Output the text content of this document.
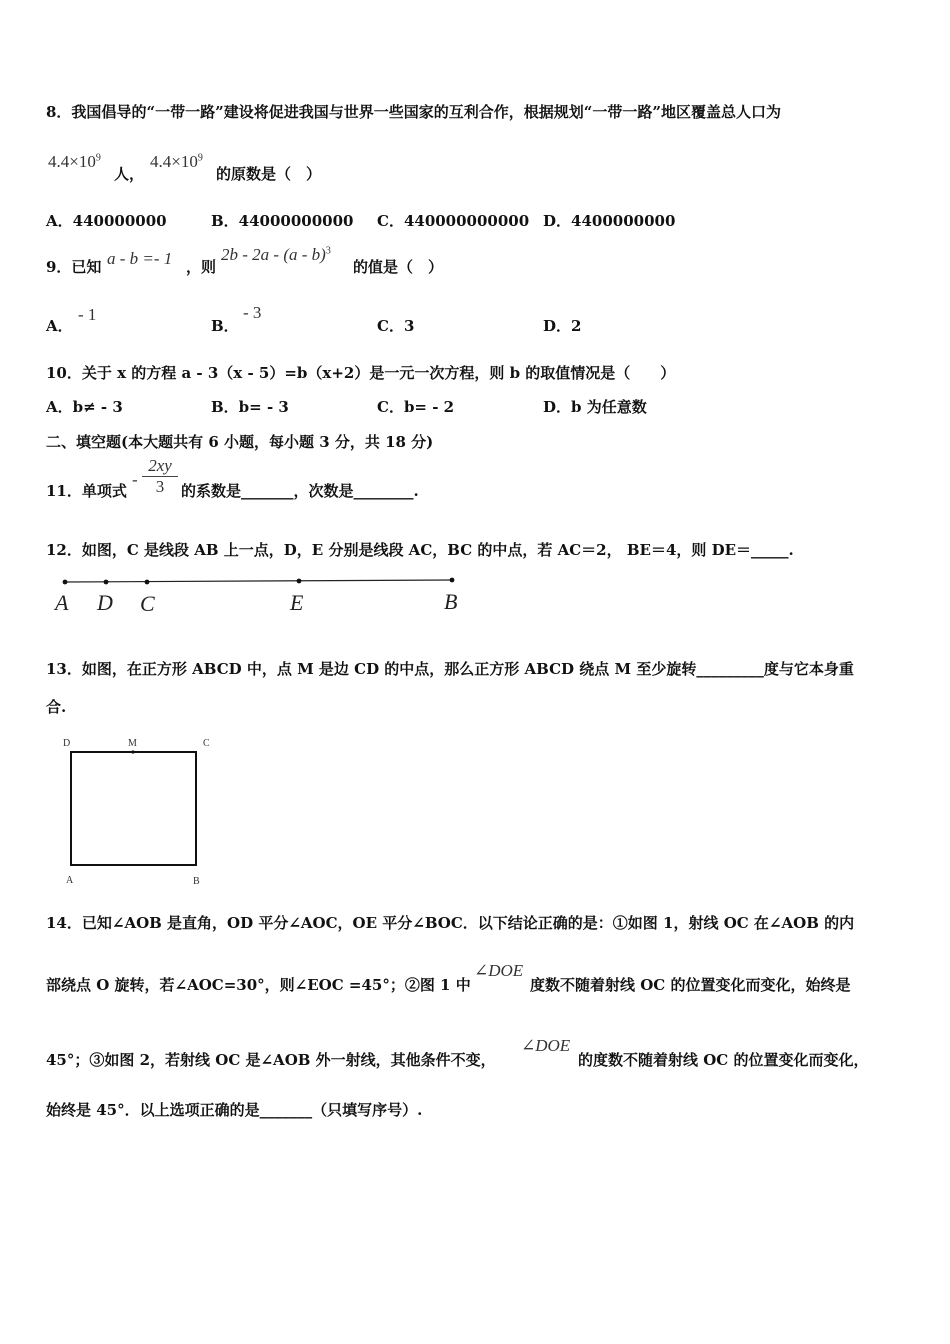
8．我国倡导的“一带一路”建设将促进我国与世界一些国家的互利合作，根据规划“一带一路”地区覆盖总人口为
$4.4\times 10^9$
人，
$4.4\times 10^9$
的原数是（　）
A．440000000	B．44000000000 C．440000000000 D．4400000000
9．已知 a - b =- 1 ，则
2b - 2a - (a - b)$^3$
的值是（　）
A．
- 1
B．
- 3
C．3	D．2
10．关于 x 的方程 a - 3（x - 5）=b（x+2）是一元一次方程，则 b 的取值情况是（　　）
A．b≠ - 3	B．b= - 3	C．b= - 2	D．b 为任意数
二、填空题(本大题共有 6 小题，每小题 3 分，共 18 分)
11．单项式
- $\frac{2xy}{3}$ 的系数是_______，次数是________.
12．如图，C 是线段 AB 上一点，D，E 分别是线段 AC，BC 的中点，若 AC＝2， BE＝4，则 DE＝_____.
A D C	E	B
13．如图，在正方形 ABCD 中，点 M 是边 CD 的中点，那么正方形 ABCD 绕点 M 至少旋转_________度与它本身重
合.
D	M	C
A	B
14．已知∠AOB 是直角，OD 平分∠AOC，OE 平分∠BOC．以下结论正确的是：①如图 1，射线 OC 在∠AOB 的内
部绕点 O 旋转，若∠AOC=30°，则∠EOC =45°；②图 1 中
∠DOE
度数不随着射线 OC 的位置变化而变化，始终是
45°；③如图 2，若射线 OC 是∠AOB 外一射线，其他条件不变，
∠DOE
的度数不随着射线 OC 的位置变化而变化，
始终是 45°．以上选项正确的是_______（只填写序号）.
